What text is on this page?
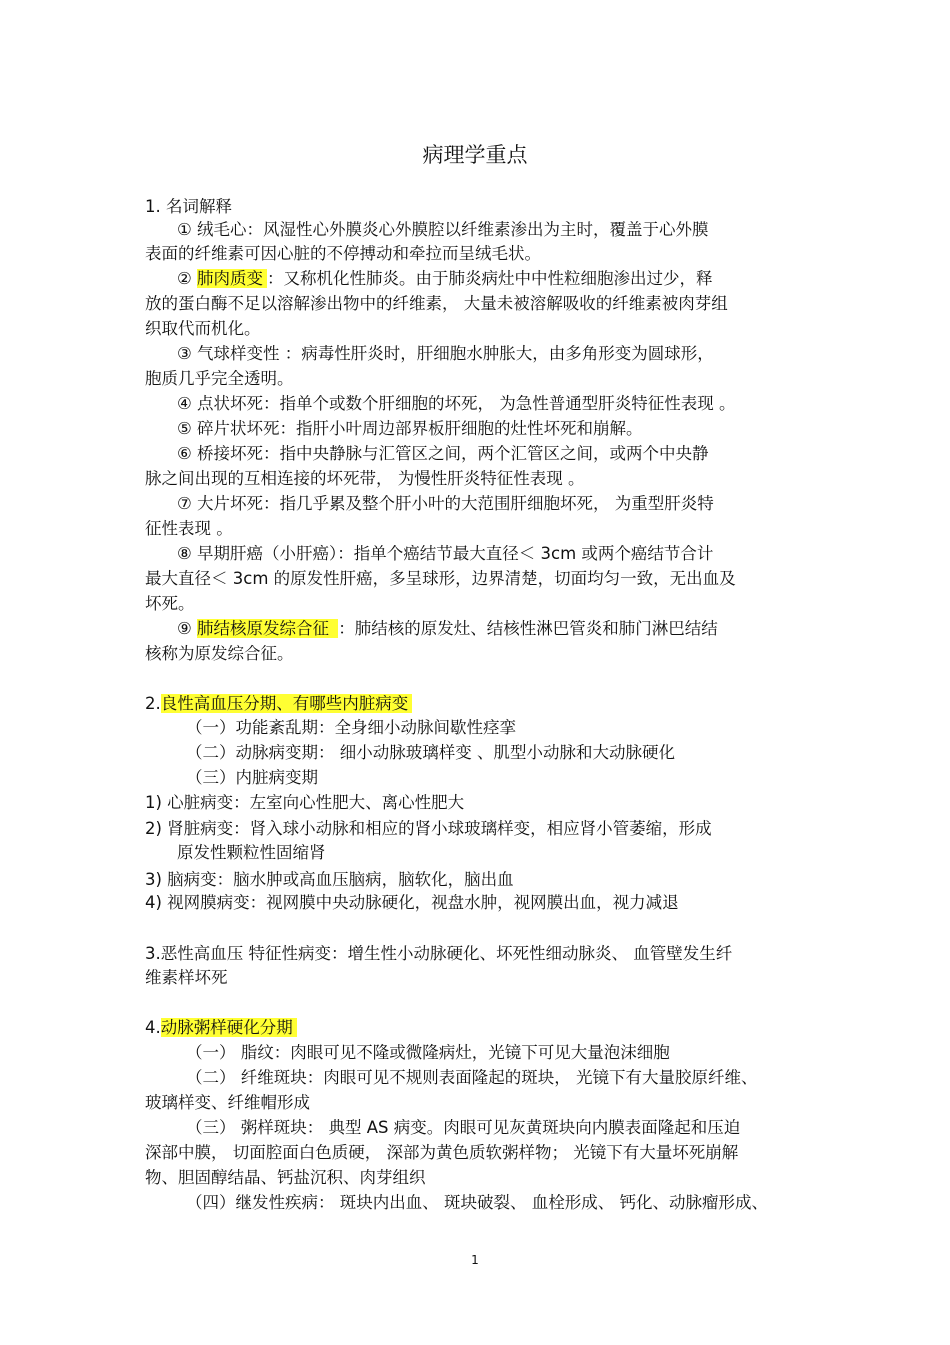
病理学重点
1. 名词解释
① 绒毛心：风湿性心外膜炎心外膜腔以纤维素渗出为主时，覆盖于心外膜
表面的纤维素可因心脏的不停搏动和牵拉而呈绒毛状。
② 肺肉质变 ：又称机化性肺炎。由于肺炎病灶中中性粒细胞渗出过少，释
放的蛋白酶不足以溶解渗出物中的纤维素， 大量未被溶解吸收的纤维素被肉芽组
织取代而机化。
③ 气球样变性 ：病毒性肝炎时，肝细胞水肿胀大，由多角形变为圆球形，
胞质几乎完全透明。
④ 点状坏死：指单个或数个肝细胞的坏死， 为急性普通型肝炎特征性表现 。
⑤ 碎片状坏死：指肝小叶周边部界板肝细胞的灶性坏死和崩解。
⑥ 桥接坏死：指中央静脉与汇管区之间，两个汇管区之间，或两个中央静
脉之间出现的互相连接的坏死带， 为慢性肝炎特征性表现 。
⑦ 大片坏死：指几乎累及整个肝小叶的大范围肝细胞坏死， 为重型肝炎特
征性表现 。
⑧ 早期肝癌（小肝癌）：指单个癌结节最大直径＜ 3cm 或两个癌结节合计
最大直径＜ 3cm 的原发性肝癌，多呈球形，边界清楚，切面均匀一致，无出血及
坏死。
⑨ 肺结核原发综合征 ：肺结核的原发灶、结核性淋巴管炎和肺门淋巴结结
核称为原发综合征。
2.良性高血压分期、有哪些内脏病变
（一）功能紊乱期：全身细小动脉间歇性痉挛
（二）动脉病变期： 细小动脉玻璃样变 、肌型小动脉和大动脉硬化
（三）内脏病变期
1) 心脏病变：左室向心性肥大、离心性肥大
2) 肾脏病变：肾入球小动脉和相应的肾小球玻璃样变，相应肾小管萎缩，形成
原发性颗粒性固缩肾
3) 脑病变：脑水肿或高血压脑病，脑软化，脑出血
4) 视网膜病变：视网膜中央动脉硬化，视盘水肿，视网膜出血，视力减退
3.恶性高血压 特征性病变：增生性小动脉硬化、坏死性细动脉炎、 血管壁发生纤
维素样坏死
4.动脉粥样硬化分期
（一） 脂纹：肉眼可见不隆或微隆病灶，光镜下可见大量泡沫细胞
（二） 纤维斑块：肉眼可见不规则表面隆起的斑块， 光镜下有大量胶原纤维、
玻璃样变、纤维帽形成
（三） 粥样斑块： 典型 AS 病变。肉眼可见灰黄斑块向内膜表面隆起和压迫
深部中膜， 切面腔面白色质硬， 深部为黄色质软粥样物； 光镜下有大量坏死崩解
物、胆固醇结晶、钙盐沉积、肉芽组织
（四）继发性疾病： 斑块内出血、 斑块破裂、 血栓形成、 钙化、动脉瘤形成、
1
